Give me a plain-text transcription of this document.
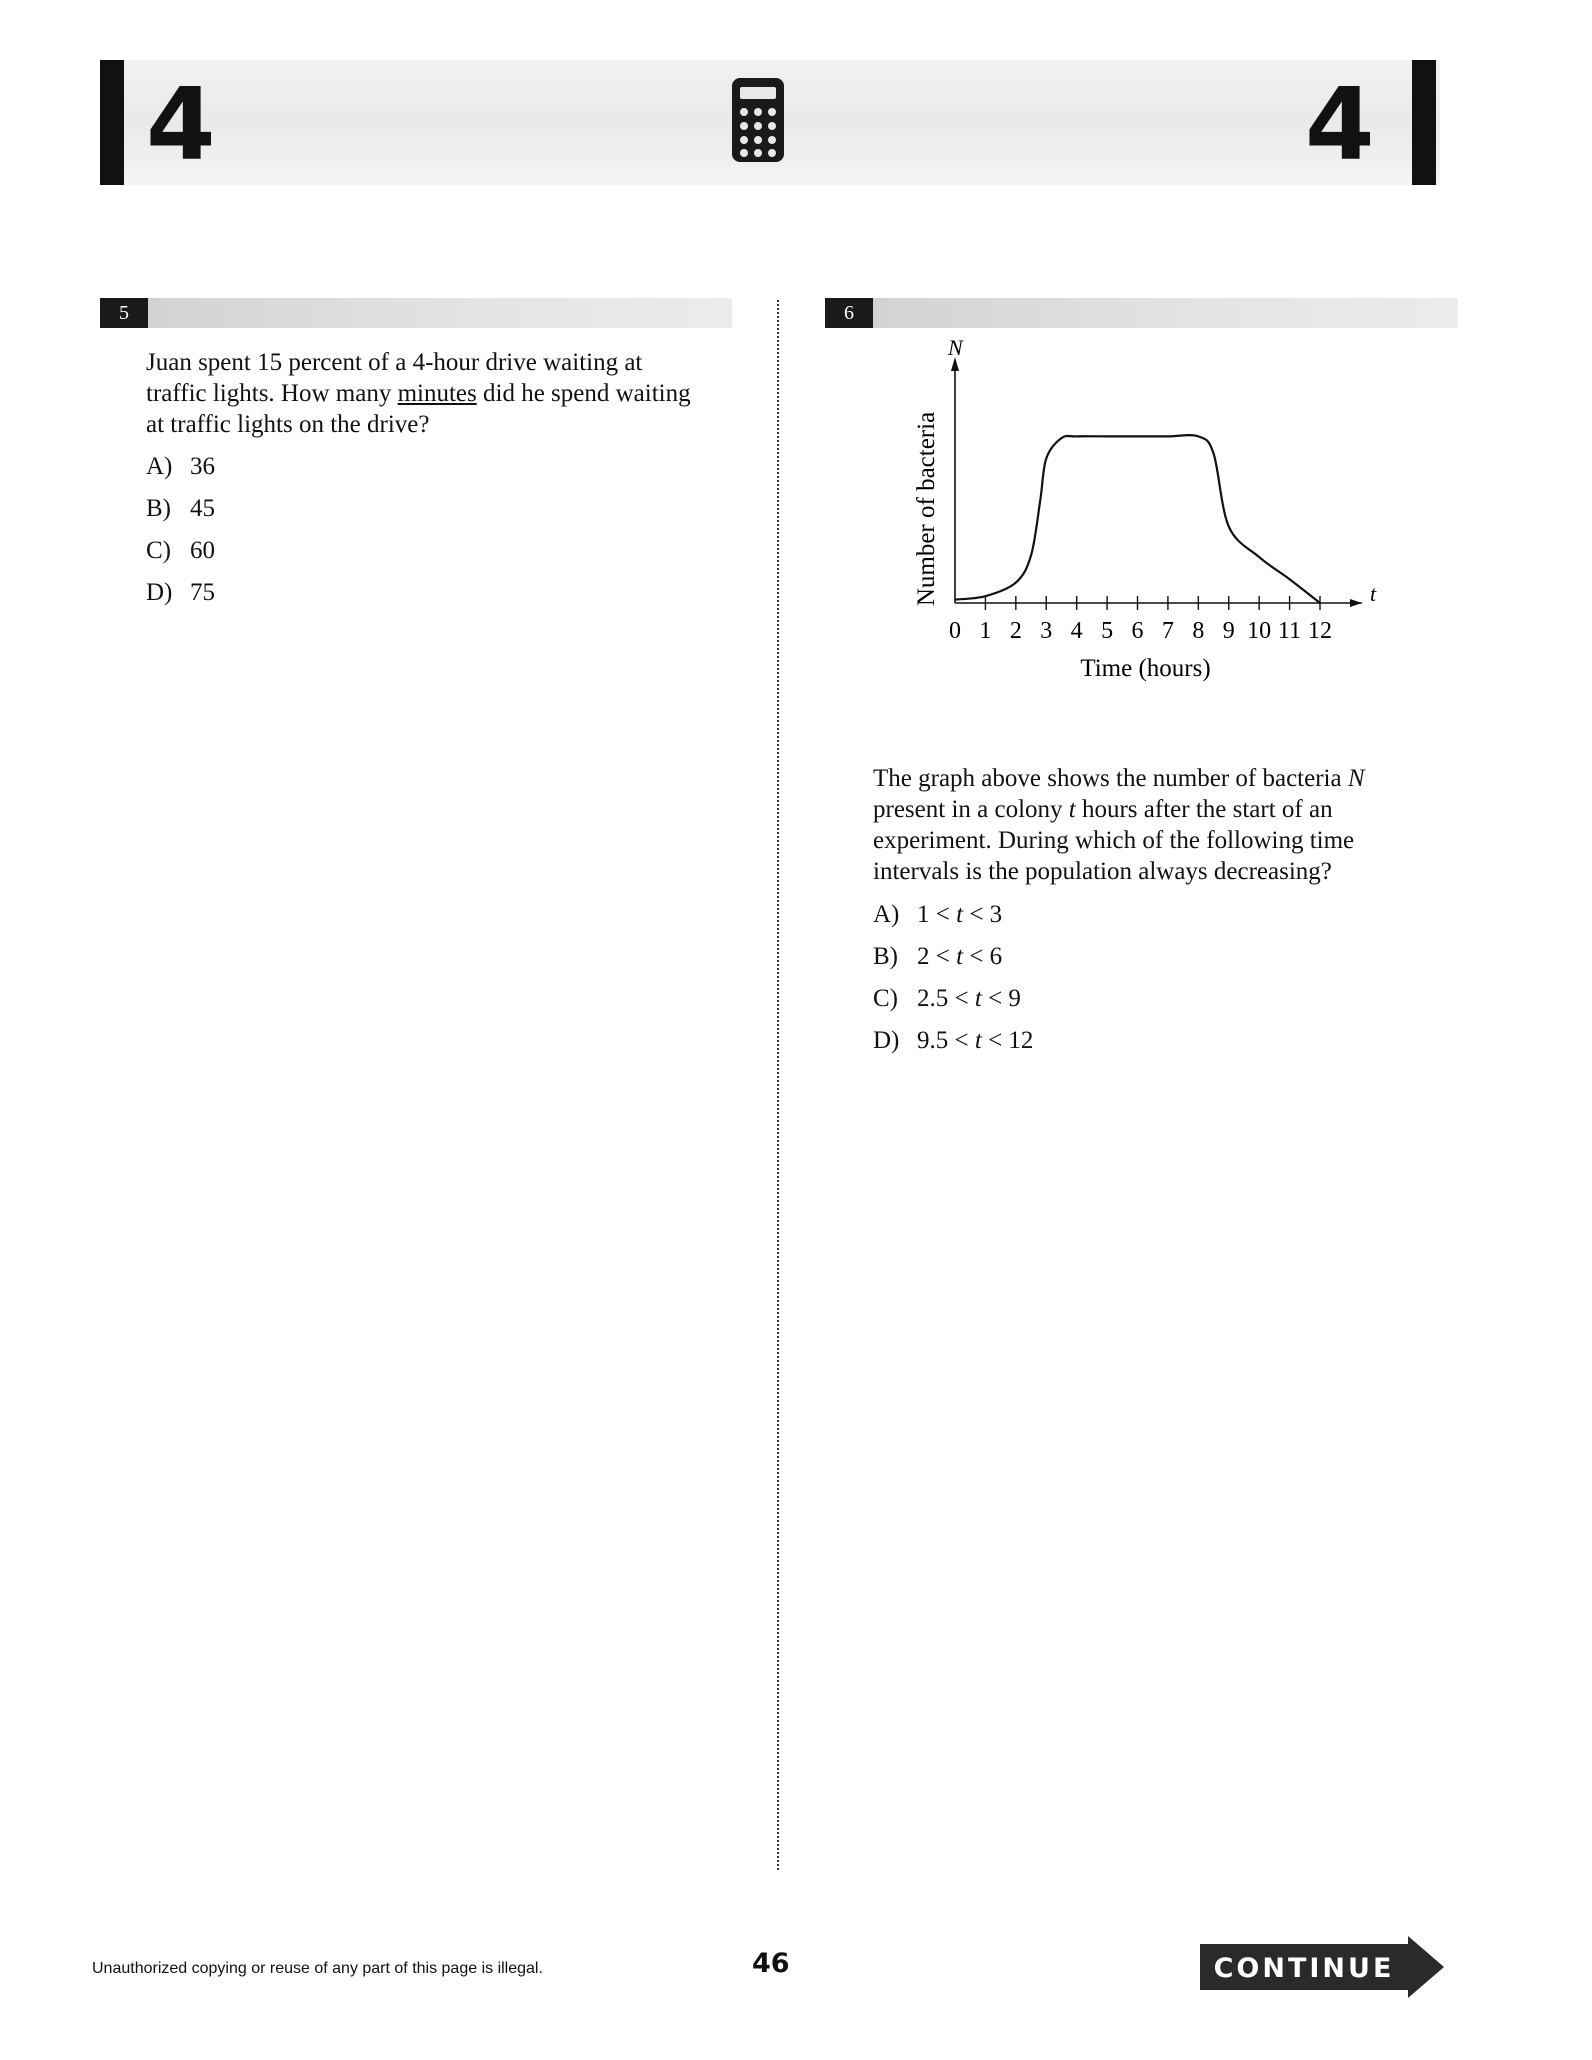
4	4
5
Juan spent 15 percent of a 4-hour drive waiting at traffic lights. How many minutes did he spend waiting at traffic lights on the drive?
A) 36
B) 45
C) 60
D) 75
6
t
N
0 1 2 3 4 5 6 7 8 9 10 11 12
Time (hours)
Number of bacteria
The graph above shows the number of bacteria N present in a colony t hours after the start of an experiment. During which of the following time intervals is the population always decreasing?
A) 1 < t < 3
B) 2 < t < 6
C) 2.5 < t < 9
D) 9.5 < t < 12
Unauthorized copying or reuse of any part of this page is illegal.	46	CONTINUE
